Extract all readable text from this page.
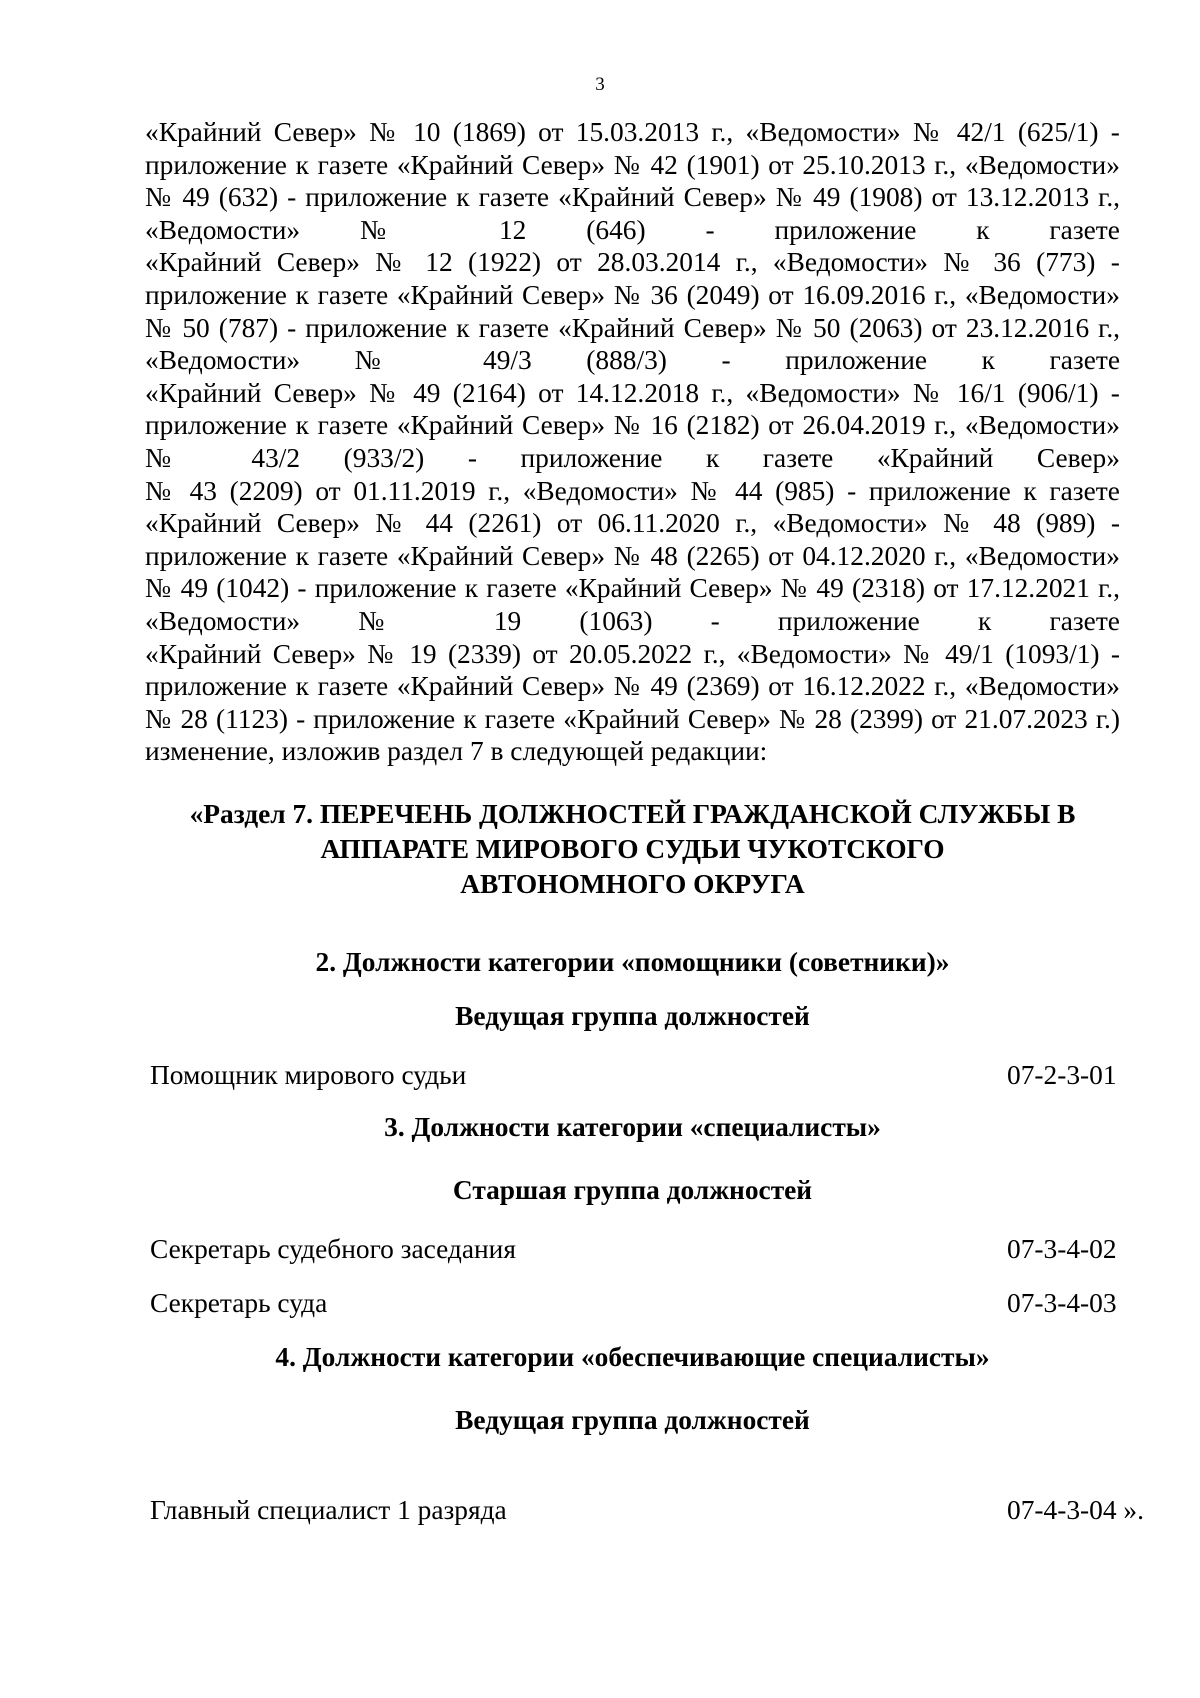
3
«Крайний Север» № 10 (1869) от 15.03.2013 г., «Ведомости» № 42/1 (625/1) -
приложение к газете «Крайний Север» № 42 (1901) от 25.10.2013 г., «Ведомости»
№ 49 (632) - приложение к газете «Крайний Север» № 49 (1908) от 13.12.2013 г.,
«Ведомости» № 12 (646) - приложение к газете
«Крайний Север» № 12 (1922) от 28.03.2014 г., «Ведомости» № 36 (773) -
приложение к газете «Крайний Север» № 36 (2049) от 16.09.2016 г., «Ведомости»
№ 50 (787) - приложение к газете «Крайний Север» № 50 (2063) от 23.12.2016 г.,
«Ведомости» № 49/3 (888/3) - приложение к газете
«Крайний Север» № 49 (2164) от 14.12.2018 г., «Ведомости» № 16/1 (906/1) -
приложение к газете «Крайний Север» № 16 (2182) от 26.04.2019 г., «Ведомости»
№ 43/2 (933/2) - приложение к газете «Крайний Север»
№ 43 (2209) от 01.11.2019 г., «Ведомости» № 44 (985) - приложение к газете
«Крайний Север» № 44 (2261) от 06.11.2020 г., «Ведомости» № 48 (989) -
приложение к газете «Крайний Север» № 48 (2265) от 04.12.2020 г., «Ведомости»
№ 49 (1042) - приложение к газете «Крайний Север» № 49 (2318) от 17.12.2021 г.,
«Ведомости» № 19 (1063) - приложение к газете
«Крайний Север» № 19 (2339) от 20.05.2022 г., «Ведомости» № 49/1 (1093/1) -
приложение к газете «Крайний Север» № 49 (2369) от 16.12.2022 г., «Ведомости»
№ 28 (1123) - приложение к газете «Крайний Север» № 28 (2399) от 21.07.2023 г.)
изменение, изложив раздел 7 в следующей редакции:
«Раздел 7. ПЕРЕЧЕНЬ ДОЛЖНОСТЕЙ ГРАЖДАНСКОЙ СЛУЖБЫ В
АППАРАТЕ МИРОВОГО СУДЬИ ЧУКОТСКОГО
АВТОНОМНОГО ОКРУГА
2. Должности категории «помощники (советники)»
Ведущая группа должностей
Помощник мирового судьи	07-2-3-01
3. Должности категории «специалисты»
Старшая группа должностей
Секретарь судебного заседания	07-3-4-02
Секретарь суда	07-3-4-03
4. Должности категории «обеспечивающие специалисты»
Ведущая группа должностей
Главный специалист 1 разряда	07-4-3-04 ».
